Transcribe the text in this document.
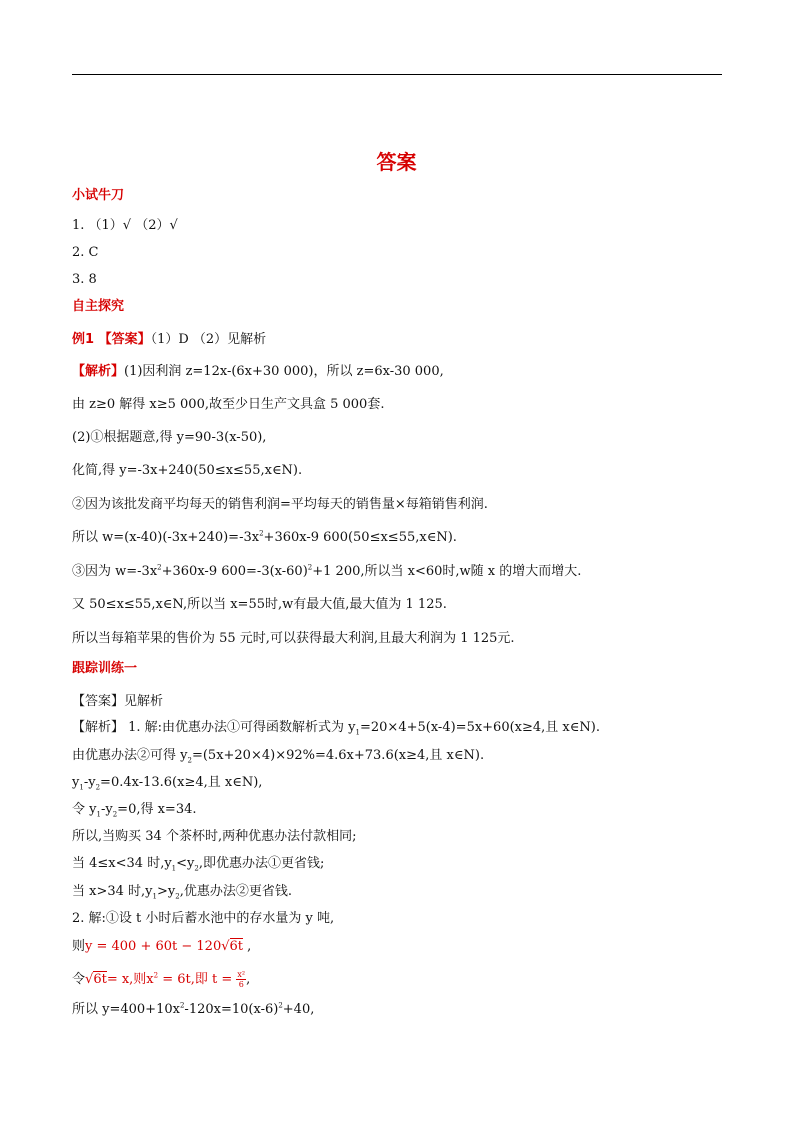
答案
小试牛刀
1. （1）√ （2）√
2. C
3. 8
自主探究
例1 【答案】（1）D （2）见解析
【解析】(1)因利润 z=12x-(6x+30 000)，所以 z=6x-30 000,
由 z≥0 解得 x≥5 000,故至少日生产文具盒 5 000套.
(2)①根据题意,得 y=90-3(x-50),
化简,得 y=-3x+240(50≤x≤55,x∈N).
②因为该批发商平均每天的销售利润=平均每天的销售量×每箱销售利润.
所以 $w=(x-40)(-3x+240)=-3x^2+360x-9$ 600(50≤x≤55,x∈N).
③因为 $w=-3x^2+360x-9$ $600=-3(x-60)^2+1$ 200,所以当 x<60时,w随 x 的增大而增大.
又 50≤x≤55,x∈N,所以当 x=55时,w有最大值,最大值为 1 125.
所以当每箱苹果的售价为 55 元时,可以获得最大利润,且最大利润为 1 125元.
跟踪训练一
【答案】见解析
【解析】 1. 解:由优惠办法①可得函数解析式为 $y_1=20\times 4+5(x-4)=5x+60(x\ge 4$,且 x∈N).
由优惠办法②可得 $y_2=(5x+20\times 4)\times 92\%=4.6x+73.6(x\ge 4$,且 x∈N).
$y_1-y_2=0.4x-13.6(x\ge 4$,且 x∈N),
令 $y_1-y_2=0$,得 x=34.
所以,当购买 34 个茶杯时,两种优惠办法付款相同;
当 4≤x<34 时$,y_1<y_2$,即优惠办法①更省钱;
当 x>34 时$,y_1>y_2$,优惠办法②更省钱.
2. 解:①设 t 小时后蓄水池中的存水量为 y 吨,
则y = 400 + 60t − 120√6t ,
令√6t= x,则$x^2 = 6t$,即 $t = \frac{\text{x²}}{6}$ ,
所以 $y=400+10x^2-120x=10(x-6)^2+40$,
